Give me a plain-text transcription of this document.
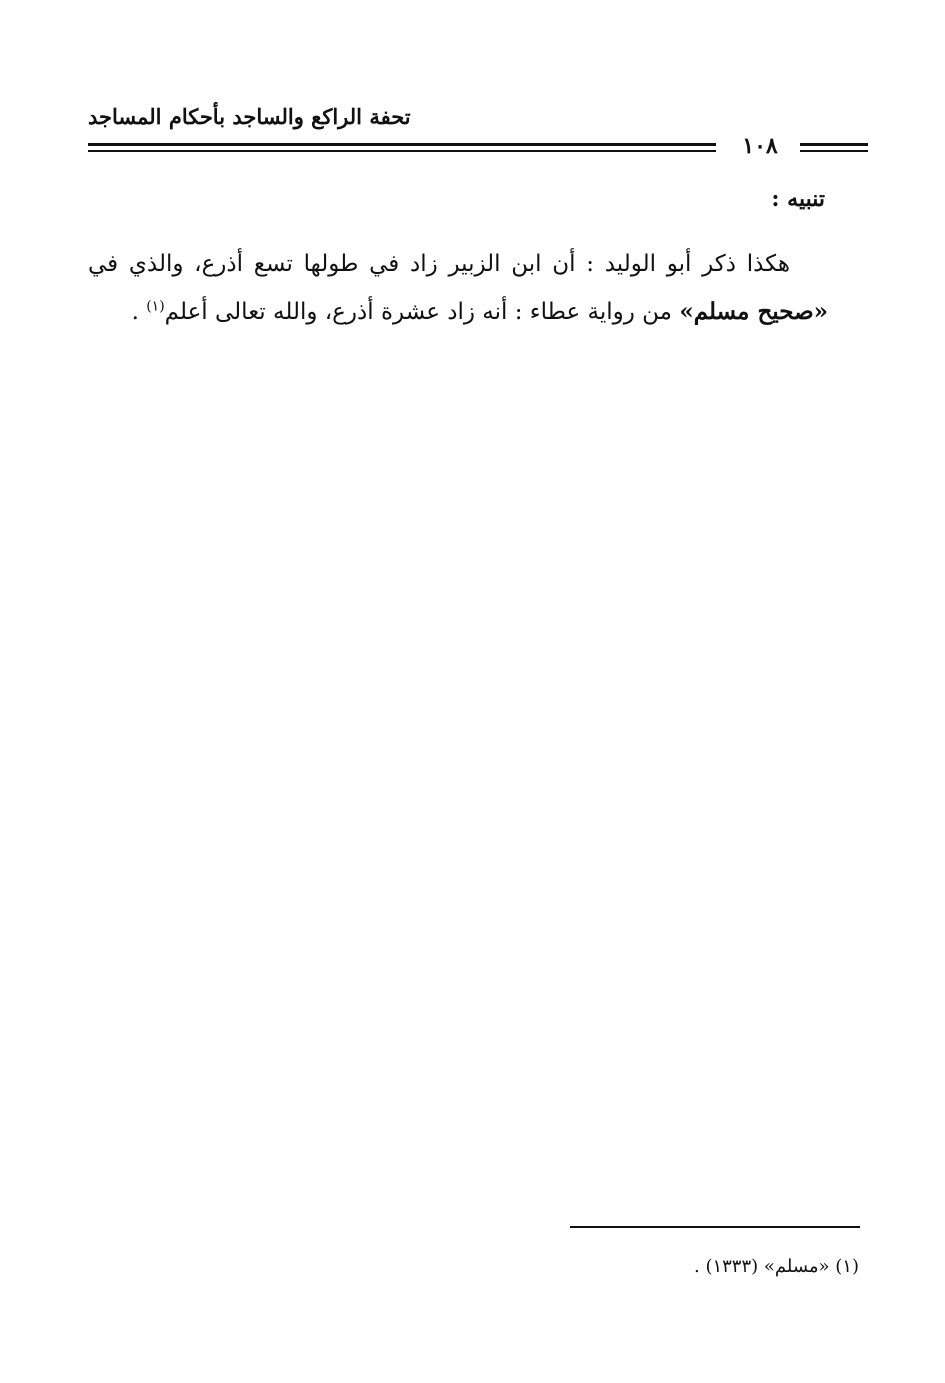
تحفة الراكع والساجد بأحكام المساجد
١٠٨
تنبيه :
هكذا ذكر أبو الوليد : أن ابن الزبير زاد في طولها تسع أذرع، والذي في «صحيح مسلم» من رواية عطاء : أنه زاد عشرة أذرع، والله تعالى أعلم$^{(١)}$ .
(١) «مسلم» (١٣٣٣) .
